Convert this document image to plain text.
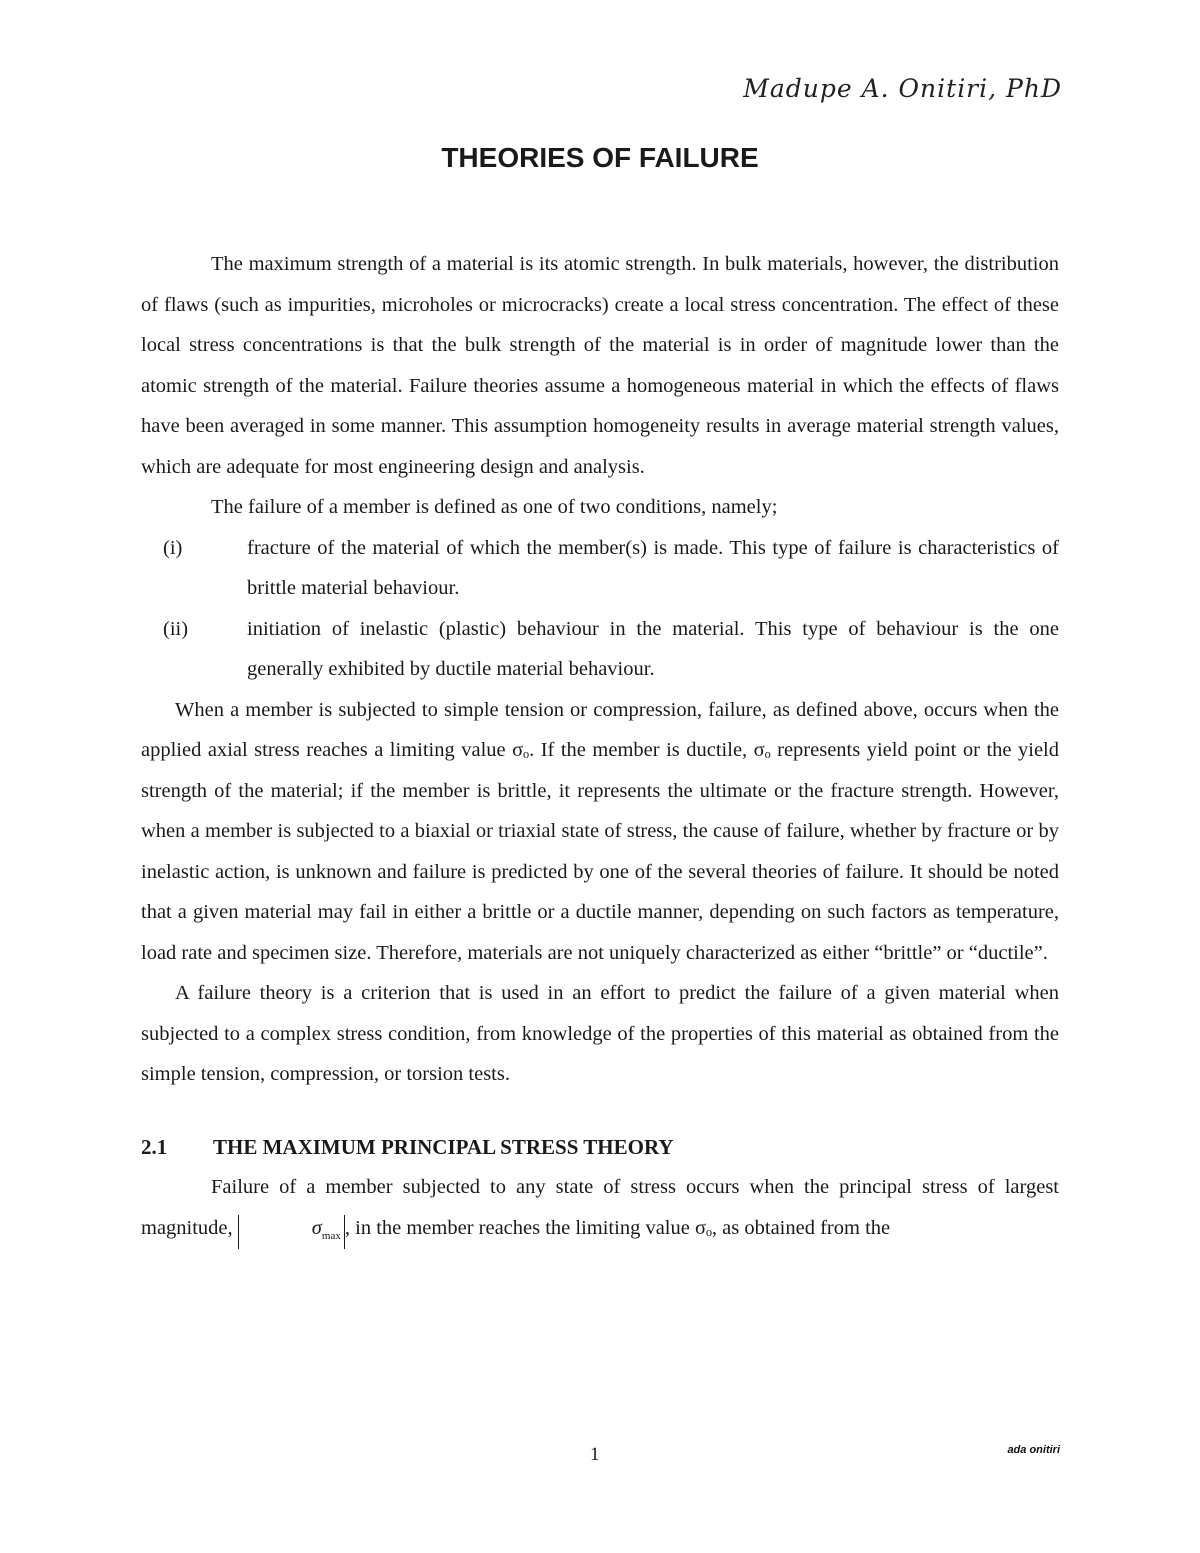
Madupe A. Onitiri, PhD
THEORIES OF FAILURE

The maximum strength of a material is its atomic strength. In bulk materials, however, the distribution of flaws (such as impurities, microholes or microcracks) create a local stress concentration. The effect of these local stress concentrations is that the bulk strength of the material is in order of magnitude lower than the atomic strength of the material. Failure theories assume a homogeneous material in which the effects of flaws have been averaged in some manner. This assumption homogeneity results in average material strength values, which are adequate for most engineering design and analysis.

The failure of a member is defined as one of two conditions, namely;

(i)	fracture of the material of which the member(s) is made. This type of failure is characteristics of brittle material behaviour.
(ii)	initiation of inelastic (plastic) behaviour in the material. This type of behaviour is the one generally exhibited by ductile material behaviour.

When a member is subjected to simple tension or compression, failure, as defined above, occurs when the applied axial stress reaches a limiting value σₒ. If the member is ductile, σₒ represents yield point or the yield strength of the material; if the member is brittle, it represents the ultimate or the fracture strength. However, when a member is subjected to a biaxial or triaxial state of stress, the cause of failure, whether by fracture or by inelastic action, is unknown and failure is predicted by one of the several theories of failure. It should be noted that a given material may fail in either a brittle or a ductile manner, depending on such factors as temperature, load rate and specimen size. Therefore, materials are not uniquely characterized as either “brittle” or “ductile”.

A failure theory is a criterion that is used in an effort to predict the failure of a given material when subjected to a complex stress condition, from knowledge of the properties of this material as obtained from the simple tension, compression, or torsion tests.

2.1	THE MAXIMUM PRINCIPAL STRESS THEORY

Failure of a member subjected to any state of stress occurs when the principal stress of largest magnitude,	$\sigma_{max}$ , in the member reaches the limiting value σₒ, as obtained from the

1	ada onitiri
